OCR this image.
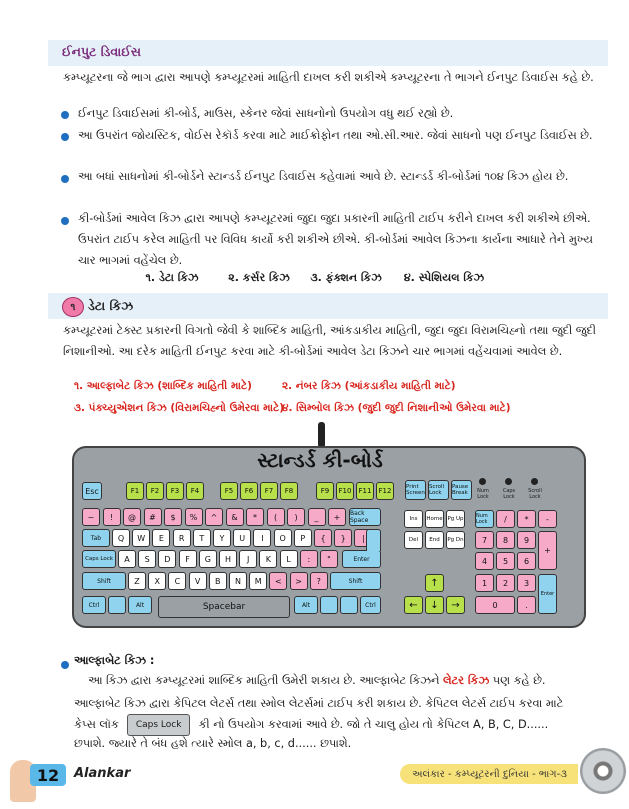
ઈનપુટ ડિવાઈસ
કમ્પ્યૂટરના જે ભાગ દ્વારા આપણે કમ્પ્યૂટરમાં માહિતી દાખલ કરી શકીએ કમ્પ્યૂટરના તે ભાગને ઈનપુટ ડિવાઈસ કહે છે.
ઈનપુટ ડિવાઈસમાં કી-બોર્ડ, માઉસ, સ્કેનર જેવાં સાધનોનો ઉપયોગ વધુ થઈ રહ્યો છે.
આ ઉપરાંત જોયસ્ટિક, વોઈસ રેકૉર્ડ કરવા માટે માઈક્રોફોન તથા ઓ.સી.આર. જેવાં સાધનો પણ ઈનપુટ ડિવાઈસ છે.
આ બધાં સાધનોમાં કી-બોર્ડને સ્ટાન્ડર્ડ ઈનપુટ ડિવાઈસ કહેવામાં આવે છે. સ્ટાન્ડર્ડ કી-બોર્ડમાં ૧૦૪ કિઝ હોય છે.
કી-બોર્ડમાં આવેલ કિઝ દ્વારા આપણે કમ્પ્યૂટરમાં જુદા જુદા પ્રકારની માહિતી ટાઈપ કરીને દાખલ કરી શકીએ છીએ. ઉપરાંત ટાઈપ કરેલ માહિતી પર વિવિધ કાર્યો કરી શકીએ છીએ. કી-બોર્ડમાં આવેલ કિઝના કાર્યના આધારે તેને મુખ્ય ચાર ભાગમાં વહેંચેલ છે.
૧. ડેટા કિઝ	૨. કર્સર કિઝ ૩. ફંક્શન કિઝ ૪. સ્પેશિયલ કિઝ
૧	ડેટા કિઝ
કમ્પ્યૂટરમાં ટેક્સ્ટ પ્રકારની વિગતો જેવી કે શાબ્દિક માહિતી, આંકડાકીય માહિતી, જુદા જુદા વિરામચિહ્નો તથા જુદી જુદી નિશાનીઓ. આ દરેક માહિતી ઈનપુટ કરવા માટે કી-બોર્ડમાં આવેલ ડેટા કિઝને ચાર ભાગમાં વહેંચવામાં આવેલ છે.
૧. આલ્ફાબેટ કિઝ (શાબ્દિક માહિતી માટે)	૨. નંબર કિઝ (આંકડાકીય માહિતી માટે)
૩. પંક્ચ્યુએશન કિઝ (વિરામચિહ્નો ઉમેરવા માટે)
૪. સિમ્બોલ કિઝ (જુદી જુદી નિશાનીઓ ઉમેરવા માટે)
સ્ટાન્ડર્ડ કી-બોર્ડ
Esc	F1	F2	F3	F4	F5	F6	F7	F8	F9	F10	F11	F12	Print Screen
Scroll Lock
Pause Break	Num Lock
Caps Lock
Scroll Lock
~	!	@	#	$	%	^	&	*	(	)	_	+	Back Space
Tab	Q	W	E	R	T	Y	U	I	O	P	{	}	|
Caps Lock	A	S	D	F	G	H	J	K	L	:	"	Enter
Shift	Z	X	C	V	B	N	M	<	>	?	Shift
Ctrl	Alt	Spacebar	Alt	Ctrl
Ins	Home Pg Up
Del	End	Pg Dn
↑
←	↓	→
Num Lock	/	*	-
7	8	9
+
4	5	6
1	2	3
Enter
0	.
આલ્ફાબેટ કિઝ :
આ કિઝ દ્વારા કમ્પ્યૂટરમાં શાબ્દિક માહિતી ઉમેરી શકાય છે. આલ્ફાબેટ કિઝને લેટર કિઝ પણ કહે છે.
આલ્ફાબેટ કિઝ દ્વારા કેપિટલ લેટર્સ તથા સ્મોલ લેટર્સમાં ટાઈપ કરી શકાય છે. કેપિટલ લેટર્સ ટાઈપ કરવા માટે
કેપ્સ લૉક	Caps Lock	કી નો ઉપયોગ કરવામાં આવે છે. જો તે ચાલુ હોય તો કેપિટલ A, B, C, D......
છપાશે. જ્યારે તે બંધ હશે ત્યારે સ્મોલ a, b, c, d...... છપાશે.
12	Alankar	અલંકાર - કમ્પ્યૂટરની દુનિયા - ભાગ-૩
